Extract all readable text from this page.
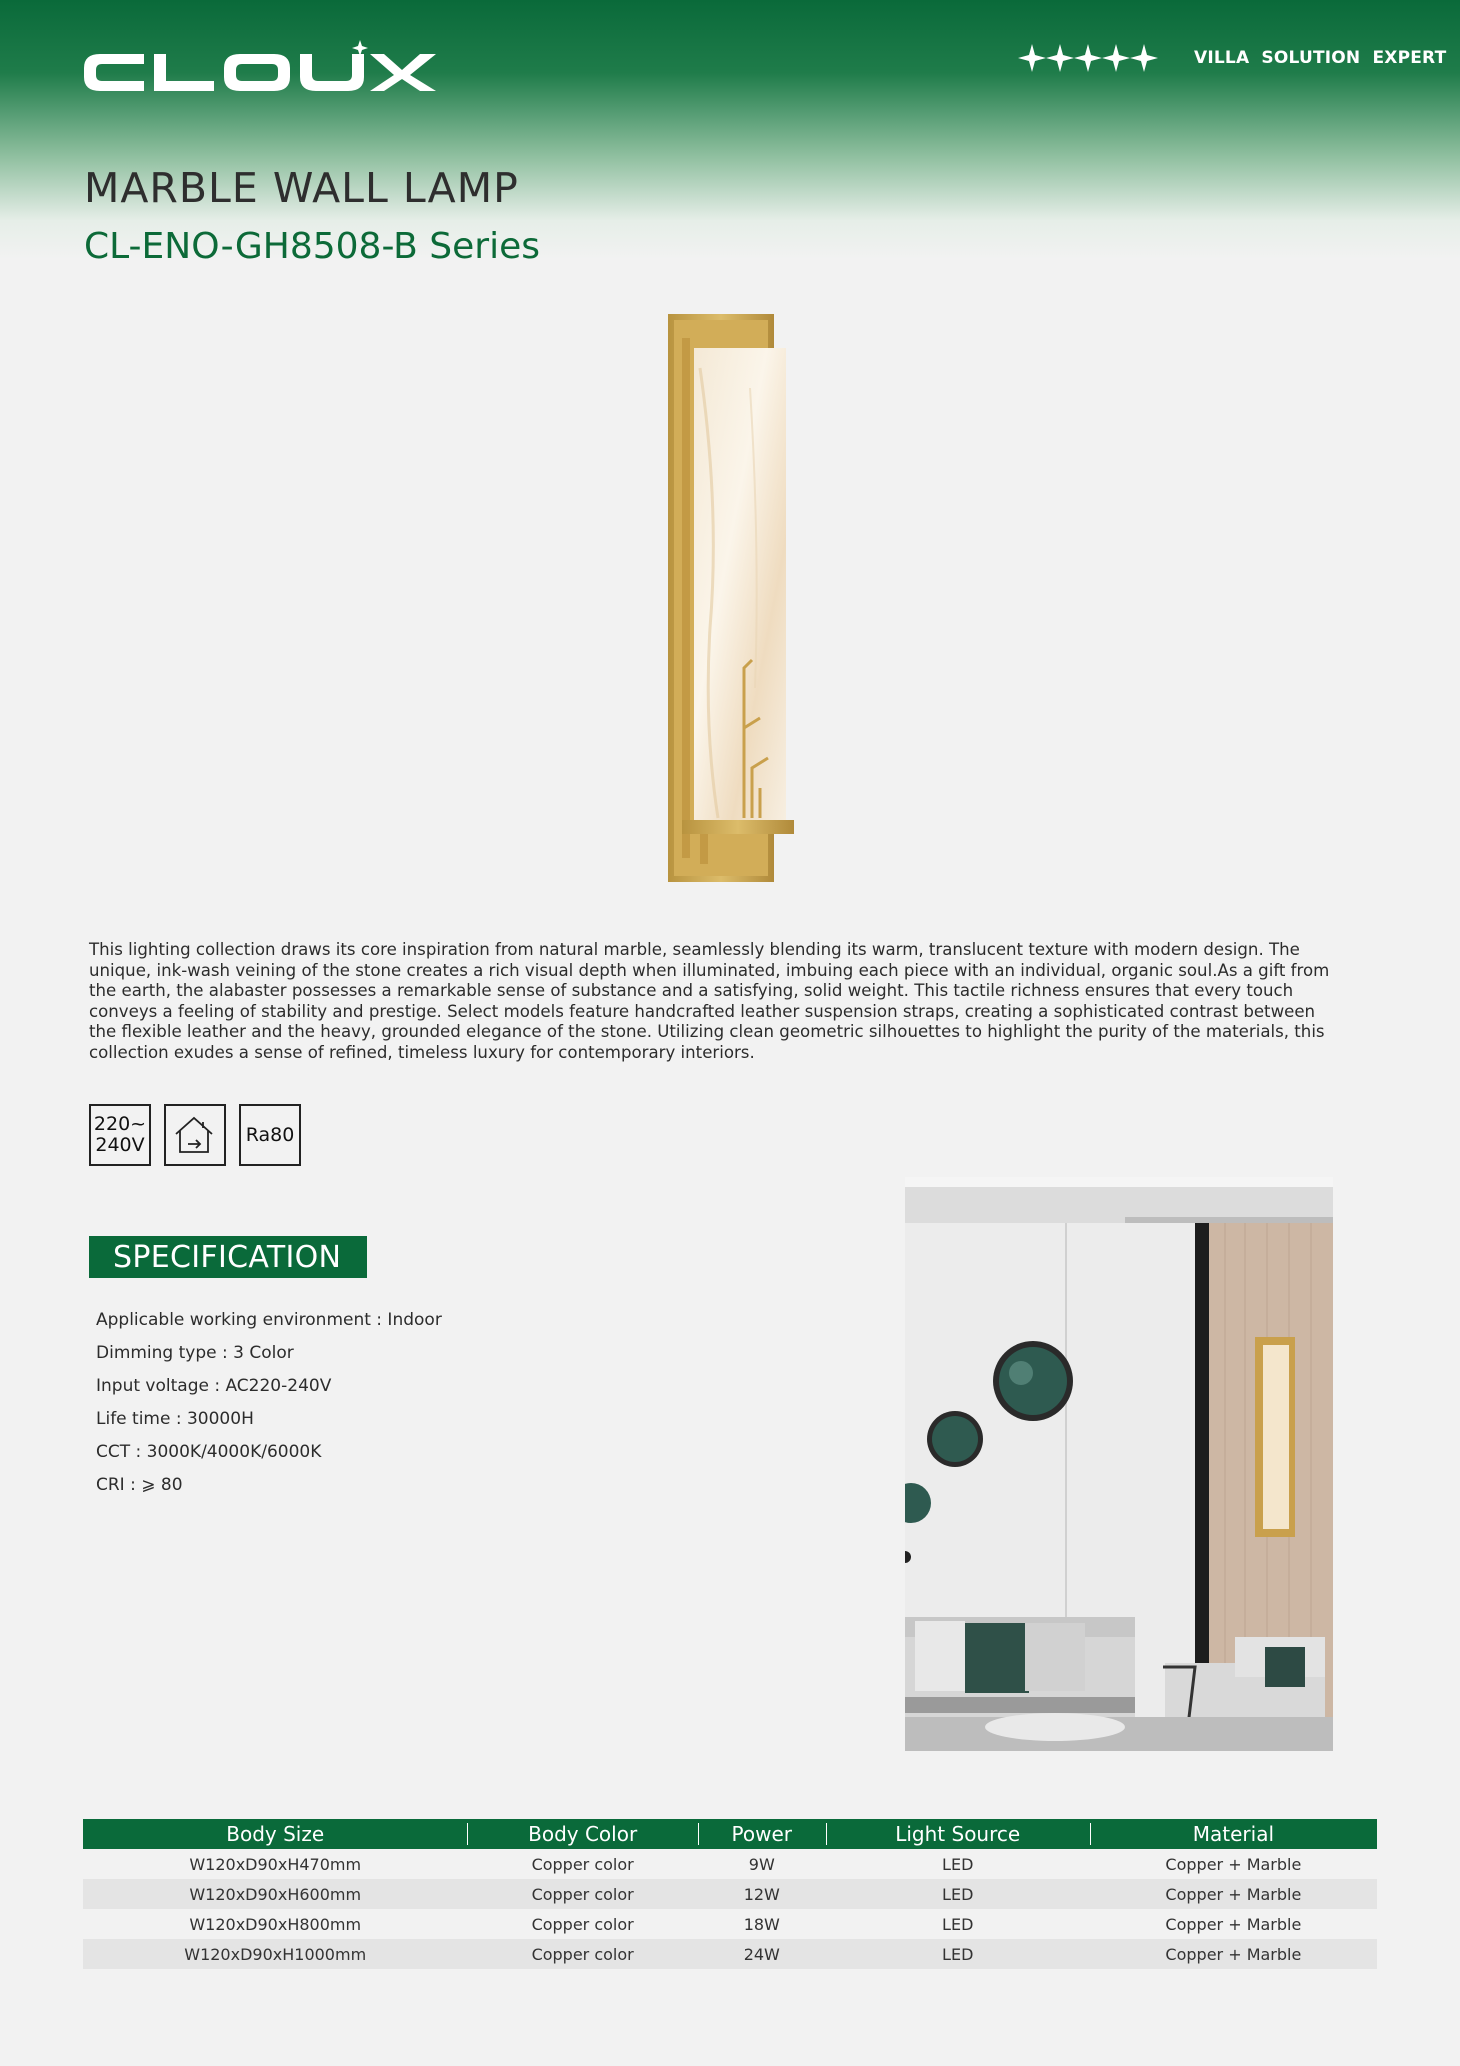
VILLA SOLUTION EXPERT
MARBLE WALL LAMP
CL-ENO-GH8508-B Series
This lighting collection draws its core inspiration from natural marble, seamlessly blending its warm, translucent texture with modern design. The unique, ink-wash veining of the stone creates a rich visual depth when illuminated, imbuing each piece with an individual, organic soul.As a gift from the earth, the alabaster possesses a remarkable sense of substance and a satisfying, solid weight. This tactile richness ensures that every touch conveys a feeling of stability and prestige. Select models feature handcrafted leather suspension straps, creating a sophisticated contrast between the flexible leather and the heavy, grounded elegance of the stone. Utilizing clean geometric silhouettes to highlight the purity of the materials, this collection exudes a sense of refined, timeless luxury for contemporary interiors.
220~
240V	Ra80
SPECIFICATION
Applicable working environment : Indoor
Dimming type : 3 Color
Input voltage : AC220-240V
Life time : 30000H
CCT : 3000K/4000K/6000K
CRI : ⩾ 80
Body Size	Body Color	Power	Light Source	Material
W120xD90xH470mm	Copper color	9W	LED	Copper + Marble
W120xD90xH600mm	Copper color	12W	LED	Copper + Marble
W120xD90xH800mm	Copper color	18W	LED	Copper + Marble
W120xD90xH1000mm	Copper color	24W	LED	Copper + Marble
